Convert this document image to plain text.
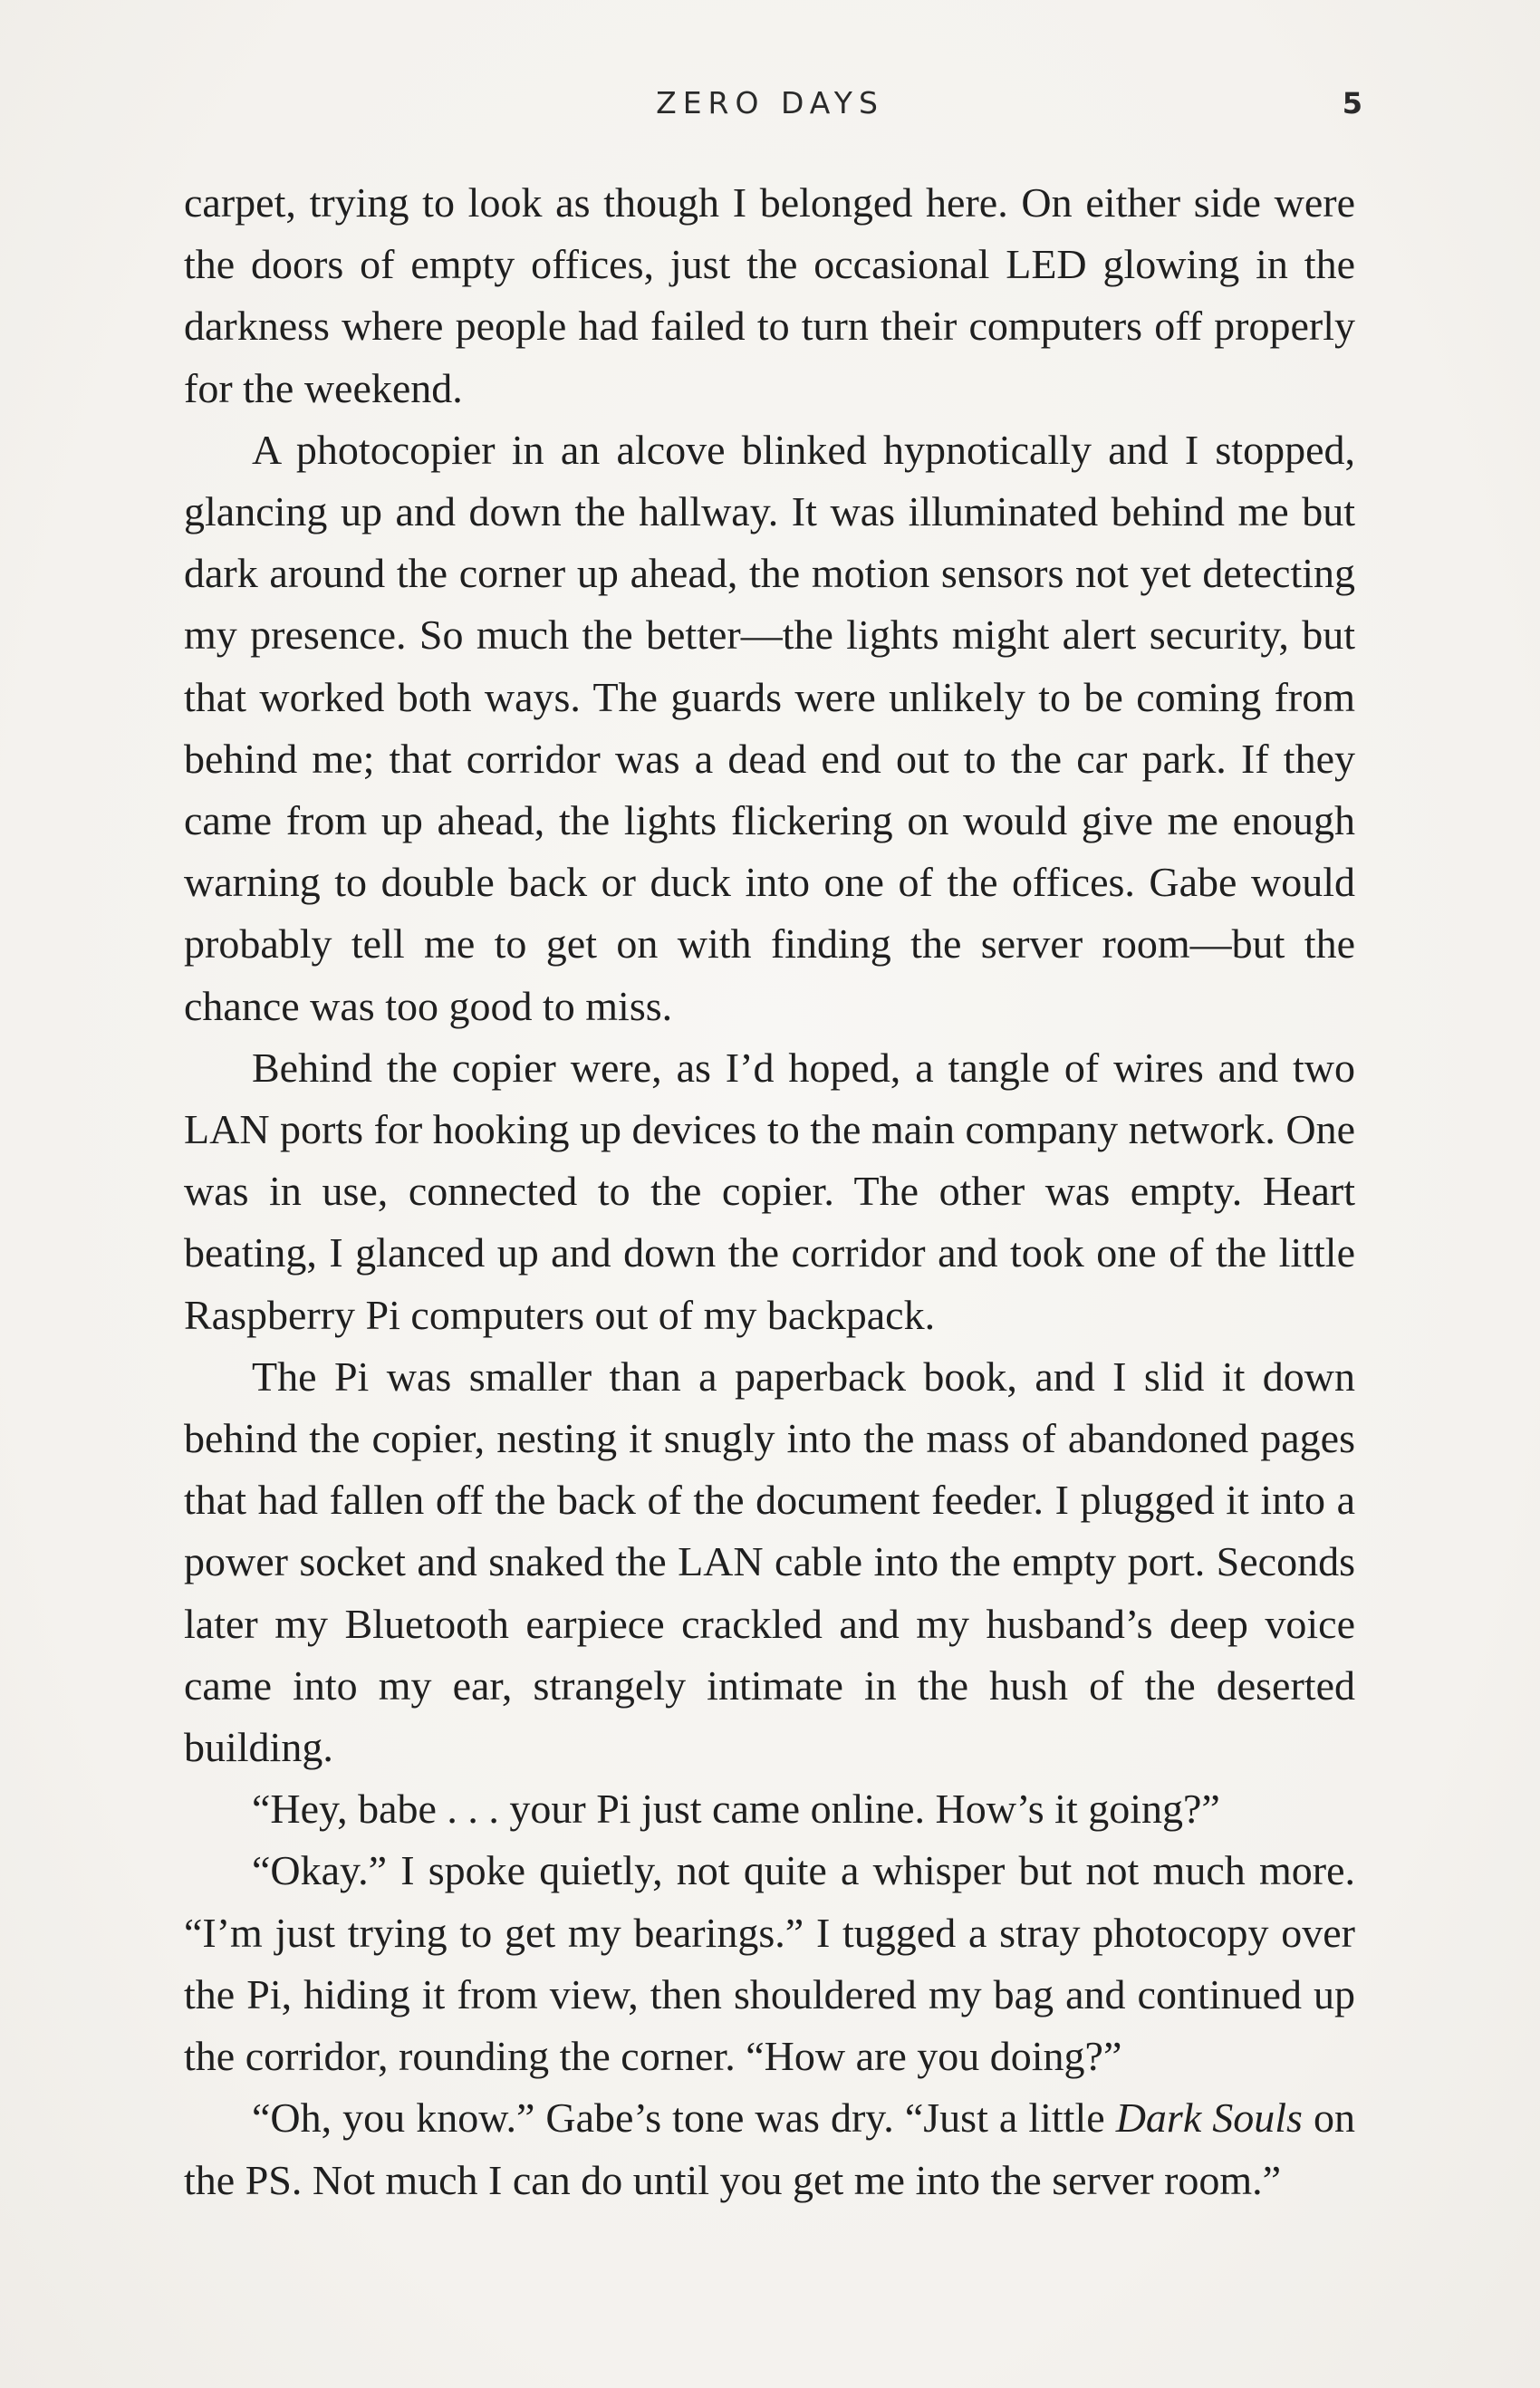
ZERO DAYS	5

carpet, trying to look as though I belonged here. On either side were the doors of empty offices, just the occasional LED glowing in the darkness where people had failed to turn their computers off properly for the weekend.

A photocopier in an alcove blinked hypnotically and I stopped, glancing up and down the hallway. It was illuminated behind me but dark around the corner up ahead, the motion sensors not yet detecting my presence. So much the better—the lights might alert security, but that worked both ways. The guards were unlikely to be coming from behind me; that corridor was a dead end out to the car park. If they came from up ahead, the lights flickering on would give me enough warning to double back or duck into one of the offices. Gabe would probably tell me to get on with finding the server room—but the chance was too good to miss.

Behind the copier were, as I’d hoped, a tangle of wires and two LAN ports for hooking up devices to the main company network. One was in use, connected to the copier. The other was empty. Heart beating, I glanced up and down the corridor and took one of the little Raspberry Pi computers out of my backpack.

The Pi was smaller than a paperback book, and I slid it down behind the copier, nesting it snugly into the mass of abandoned pages that had fallen off the back of the document feeder. I plugged it into a power socket and snaked the LAN cable into the empty port. Seconds later my Bluetooth earpiece crackled and my husband’s deep voice came into my ear, strangely intimate in the hush of the deserted building.

“Hey, babe . . . your Pi just came online. How’s it going?”

“Okay.” I spoke quietly, not quite a whisper but not much more. “I’m just trying to get my bearings.” I tugged a stray photocopy over the Pi, hiding it from view, then shouldered my bag and continued up the corridor, rounding the corner. “How are you doing?”

“Oh, you know.” Gabe’s tone was dry. “Just a little Dark Souls on the PS. Not much I can do until you get me into the server room.”
